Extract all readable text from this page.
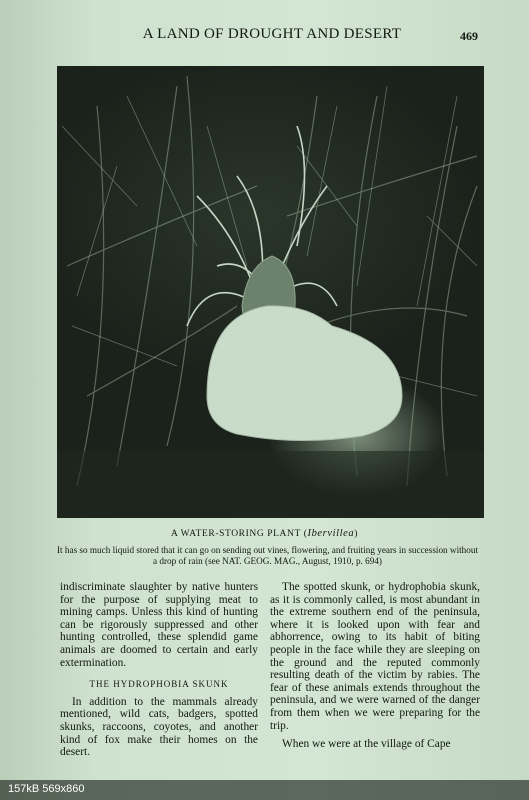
A LAND OF DROUGHT AND DESERT	469
A WATER-STORING PLANT (Ibervillea)
It has so much liquid stored that it can go on sending out vines, flowering, and fruiting years in succession without a drop of rain (see NAT. GEOG. MAG., August, 1910, p. 694)

indiscriminate slaughter by native hunters for the purpose of supplying meat to mining camps. Unless this kind of hunting can be rigorously suppressed and other hunting controlled, these splendid game animals are doomed to certain and early extermination.

THE HYDROPHOBIA SKUNK

In addition to the mammals already mentioned, wild cats, badgers, spotted skunks, raccoons, coyotes, and another kind of fox make their homes on the desert.

The spotted skunk, or hydrophobia skunk, as it is commonly called, is most abundant in the extreme southern end of the peninsula, where it is looked upon with fear and abhorrence, owing to its habit of biting people in the face while they are sleeping on the ground and the reputed commonly resulting death of the victim by rabies. The fear of these animals extends throughout the peninsula, and we were warned of the danger from them when we were preparing for the trip.

When we were at the village of Cape

157kB 569x860
